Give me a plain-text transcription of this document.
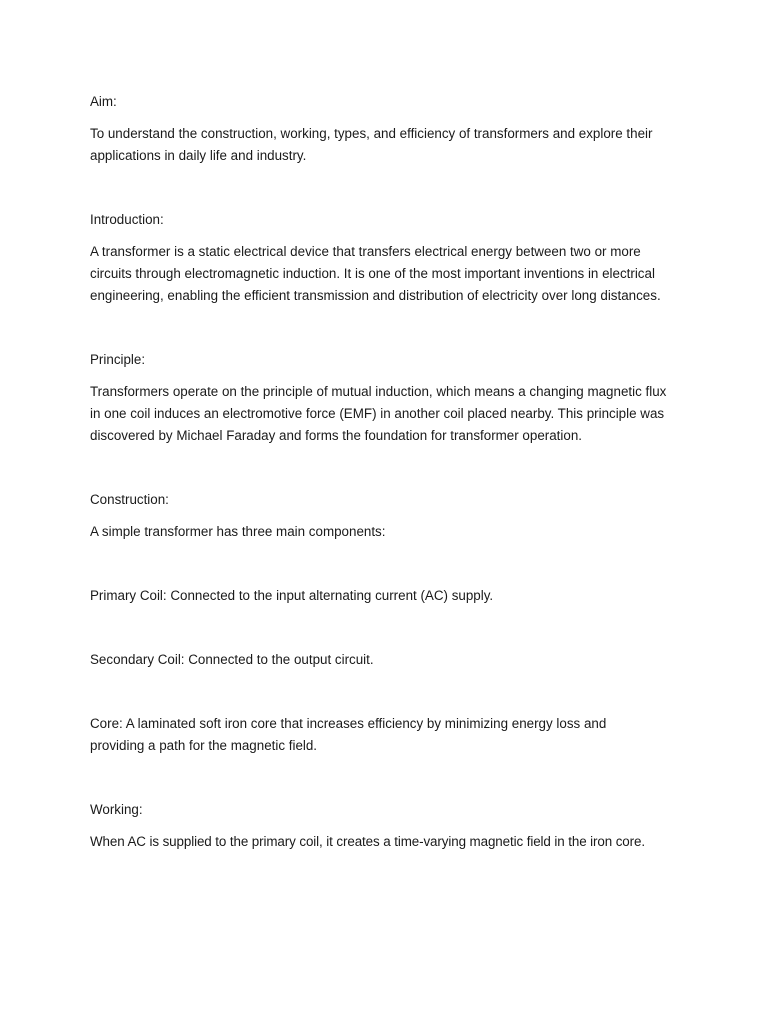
Aim:

To understand the construction, working, types, and efficiency of transformers and explore their applications in daily life and industry.

Introduction:

A transformer is a static electrical device that transfers electrical energy between two or more circuits through electromagnetic induction. It is one of the most important inventions in electrical engineering, enabling the efficient transmission and distribution of electricity over long distances.

Principle:

Transformers operate on the principle of mutual induction, which means a changing magnetic flux in one coil induces an electromotive force (EMF) in another coil placed nearby. This principle was discovered by Michael Faraday and forms the foundation for transformer operation.

Construction:

A simple transformer has three main components:

Primary Coil: Connected to the input alternating current (AC) supply.

Secondary Coil: Connected to the output circuit.

Core: A laminated soft iron core that increases efficiency by minimizing energy loss and providing a path for the magnetic field.

Working:

When AC is supplied to the primary coil, it creates a time-varying magnetic field in the iron core.
